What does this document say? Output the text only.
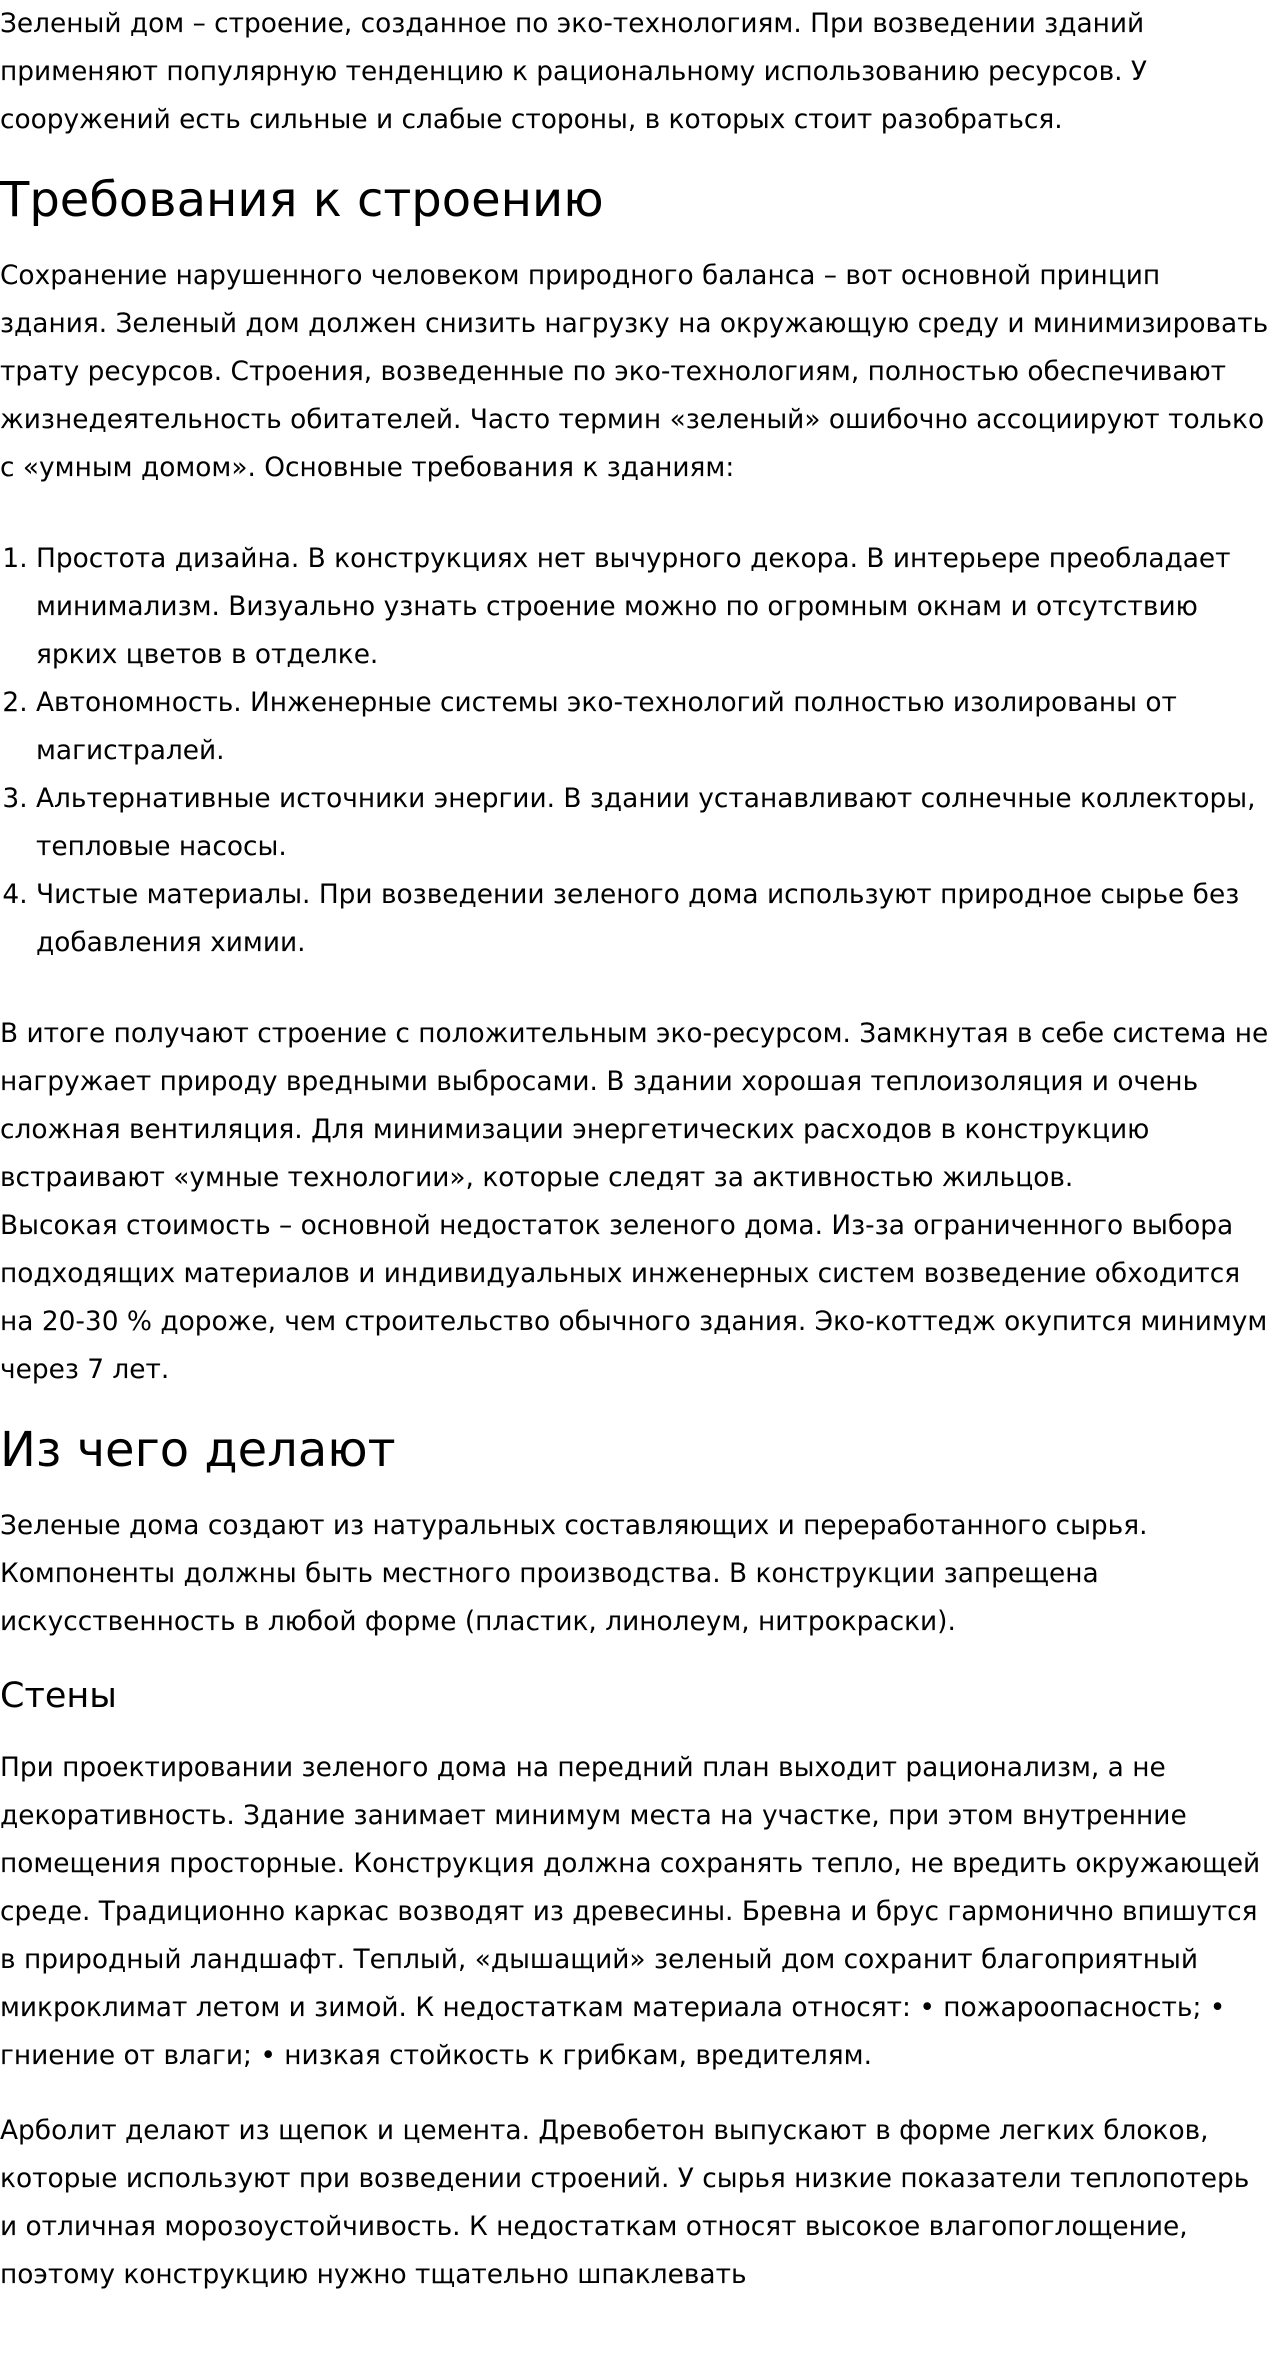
Зеленый дом – строение, созданное по эко-технологиям. При возведении зданий применяют популярную тенденцию к рациональному использованию ресурсов. У сооружений есть сильные и слабые стороны, в которых стоит разобраться.

Требования к строению

Сохранение нарушенного человеком природного баланса – вот основной принцип здания. Зеленый дом должен снизить нагрузку на окружающую среду и минимизировать трату ресурсов. Строения, возведенные по эко-технологиям, полностью обеспечивают жизнедеятельность обитателей. Часто термин «зеленый» ошибочно ассоциируют только с «умным домом». Основные требования к зданиям:

1. Простота дизайна. В конструкциях нет вычурного декора. В интерьере преобладает минимализм. Визуально узнать строение можно по огромным окнам и отсутствию ярких цветов в отделке.
2. Автономность. Инженерные системы эко-технологий полностью изолированы от магистралей.
3. Альтернативные источники энергии. В здании устанавливают солнечные коллекторы, тепловые насосы.
4. Чистые материалы. При возведении зеленого дома используют природное сырье без добавления химии.

В итоге получают строение с положительным эко-ресурсом. Замкнутая в себе система не нагружает природу вредными выбросами. В здании хорошая теплоизоляция и очень сложная вентиляция. Для минимизации энергетических расходов в конструкцию встраивают «умные технологии», которые следят за активностью жильцов.

Высокая стоимость – основной недостаток зеленого дома. Из-за ограниченного выбора подходящих материалов и индивидуальных инженерных систем возведение обходится на 20-30 % дороже, чем строительство обычного здания. Эко-коттедж окупится минимум через 7 лет.

Из чего делают

Зеленые дома создают из натуральных составляющих и переработанного сырья. Компоненты должны быть местного производства. В конструкции запрещена искусственность в любой форме (пластик, линолеум, нитрокраски).

Стены

При проектировании зеленого дома на передний план выходит рационализм, а не декоративность. Здание занимает минимум места на участке, при этом внутренние помещения просторные. Конструкция должна сохранять тепло, не вредить окружающей среде. Традиционно каркас возводят из древесины. Бревна и брус гармонично впишутся в природный ландшафт. Теплый, «дышащий» зеленый дом сохранит благоприятный микроклимат летом и зимой. К недостаткам материала относят: • пожароопасность; • гниение от влаги; • низкая стойкость к грибкам, вредителям.

Арболит делают из щепок и цемента. Древобетон выпускают в форме легких блоков, которые используют при возведении строений. У сырья низкие показатели теплопотерь и отличная морозоустойчивость. К недостаткам относят высокое влагопоглощение, поэтому конструкцию нужно тщательно шпаклевать
